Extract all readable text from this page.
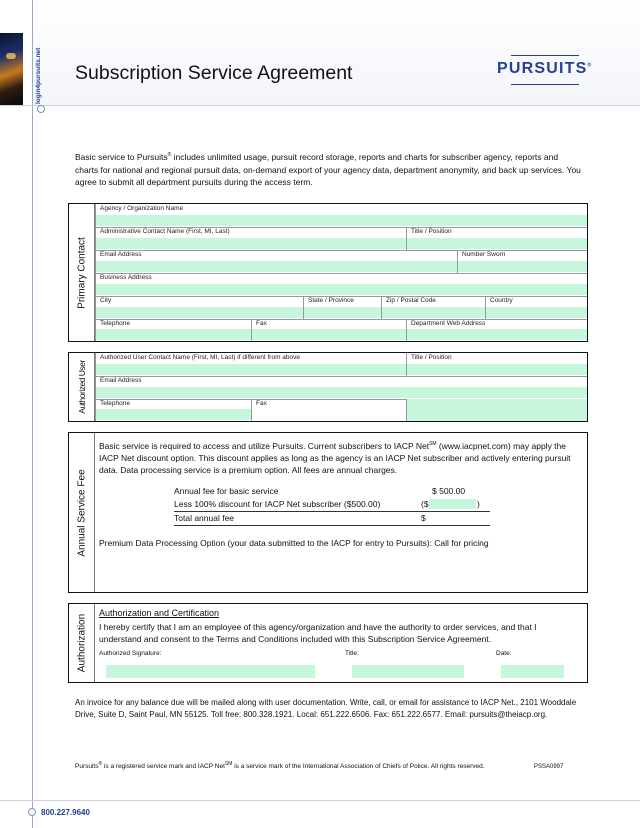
login4pursuits.net Subscription Service Agreement	PURSUITS®
Basic service to Pursuits® includes unlimited usage, pursuit record storage, reports and charts for subscriber agency, reports and charts for national and regional pursuit data, on-demand export of your agency data, department anonymity, and back up services. You agree to submit all department pursuits during the access term.
Primary Contact
Agency / Organization Name
Administrative Contact Name (First, MI, Last)	Title / Position
Email Address	Number Sworn
Business Address
City	State / Province	Zip / Postal Code	Country
Telephone	Fax	Department Web Address
Authorized User
Authorized User Contact Name (First, MI, Last) if different from above	Title / Position
Email Address
Telephone	Fax
Annual Service Fee
Basic service is required to access and utilize Pursuits. Current subscribers to IACP Net℠ (www.iacpnet.com) may apply the IACP Net discount option. This discount applies as long as the agency is an IACP Net subscriber and actively entering pursuit data. Data processing service is a premium option. All fees are annual charges.
Annual fee for basic service	$ 500.00
Less 100% discount for IACP Net subscriber ($500.00)	($	)
Total annual fee	$
Premium Data Processing Option (your data submitted to the IACP for entry to Pursuits): Call for pricing
Authorization
Authorization and Certification
I hereby certify that I am an employee of this agency/organization and have the authority to order services, and that I understand and consent to the Terms and Conditions included with this Subscription Service Agreement.
Authorized Signature:	Title:	Date:
An invoice for any balance due will be mailed along with user documentation. Write, call, or email for assistance to IACP Net., 2101 Wooddale Drive, Suite D, Saint Paul, MN 55125. Toll free: 800.328.1921. Local: 651.222.6506. Fax: 651.222.6577. Email: pursuits@theiacp.org.
Pursuits® is a registered service mark and IACP Net℠ is a service mark of the International Association of Chiefs of Police. All rights reserved.	PSSA0997
800.227.9640
